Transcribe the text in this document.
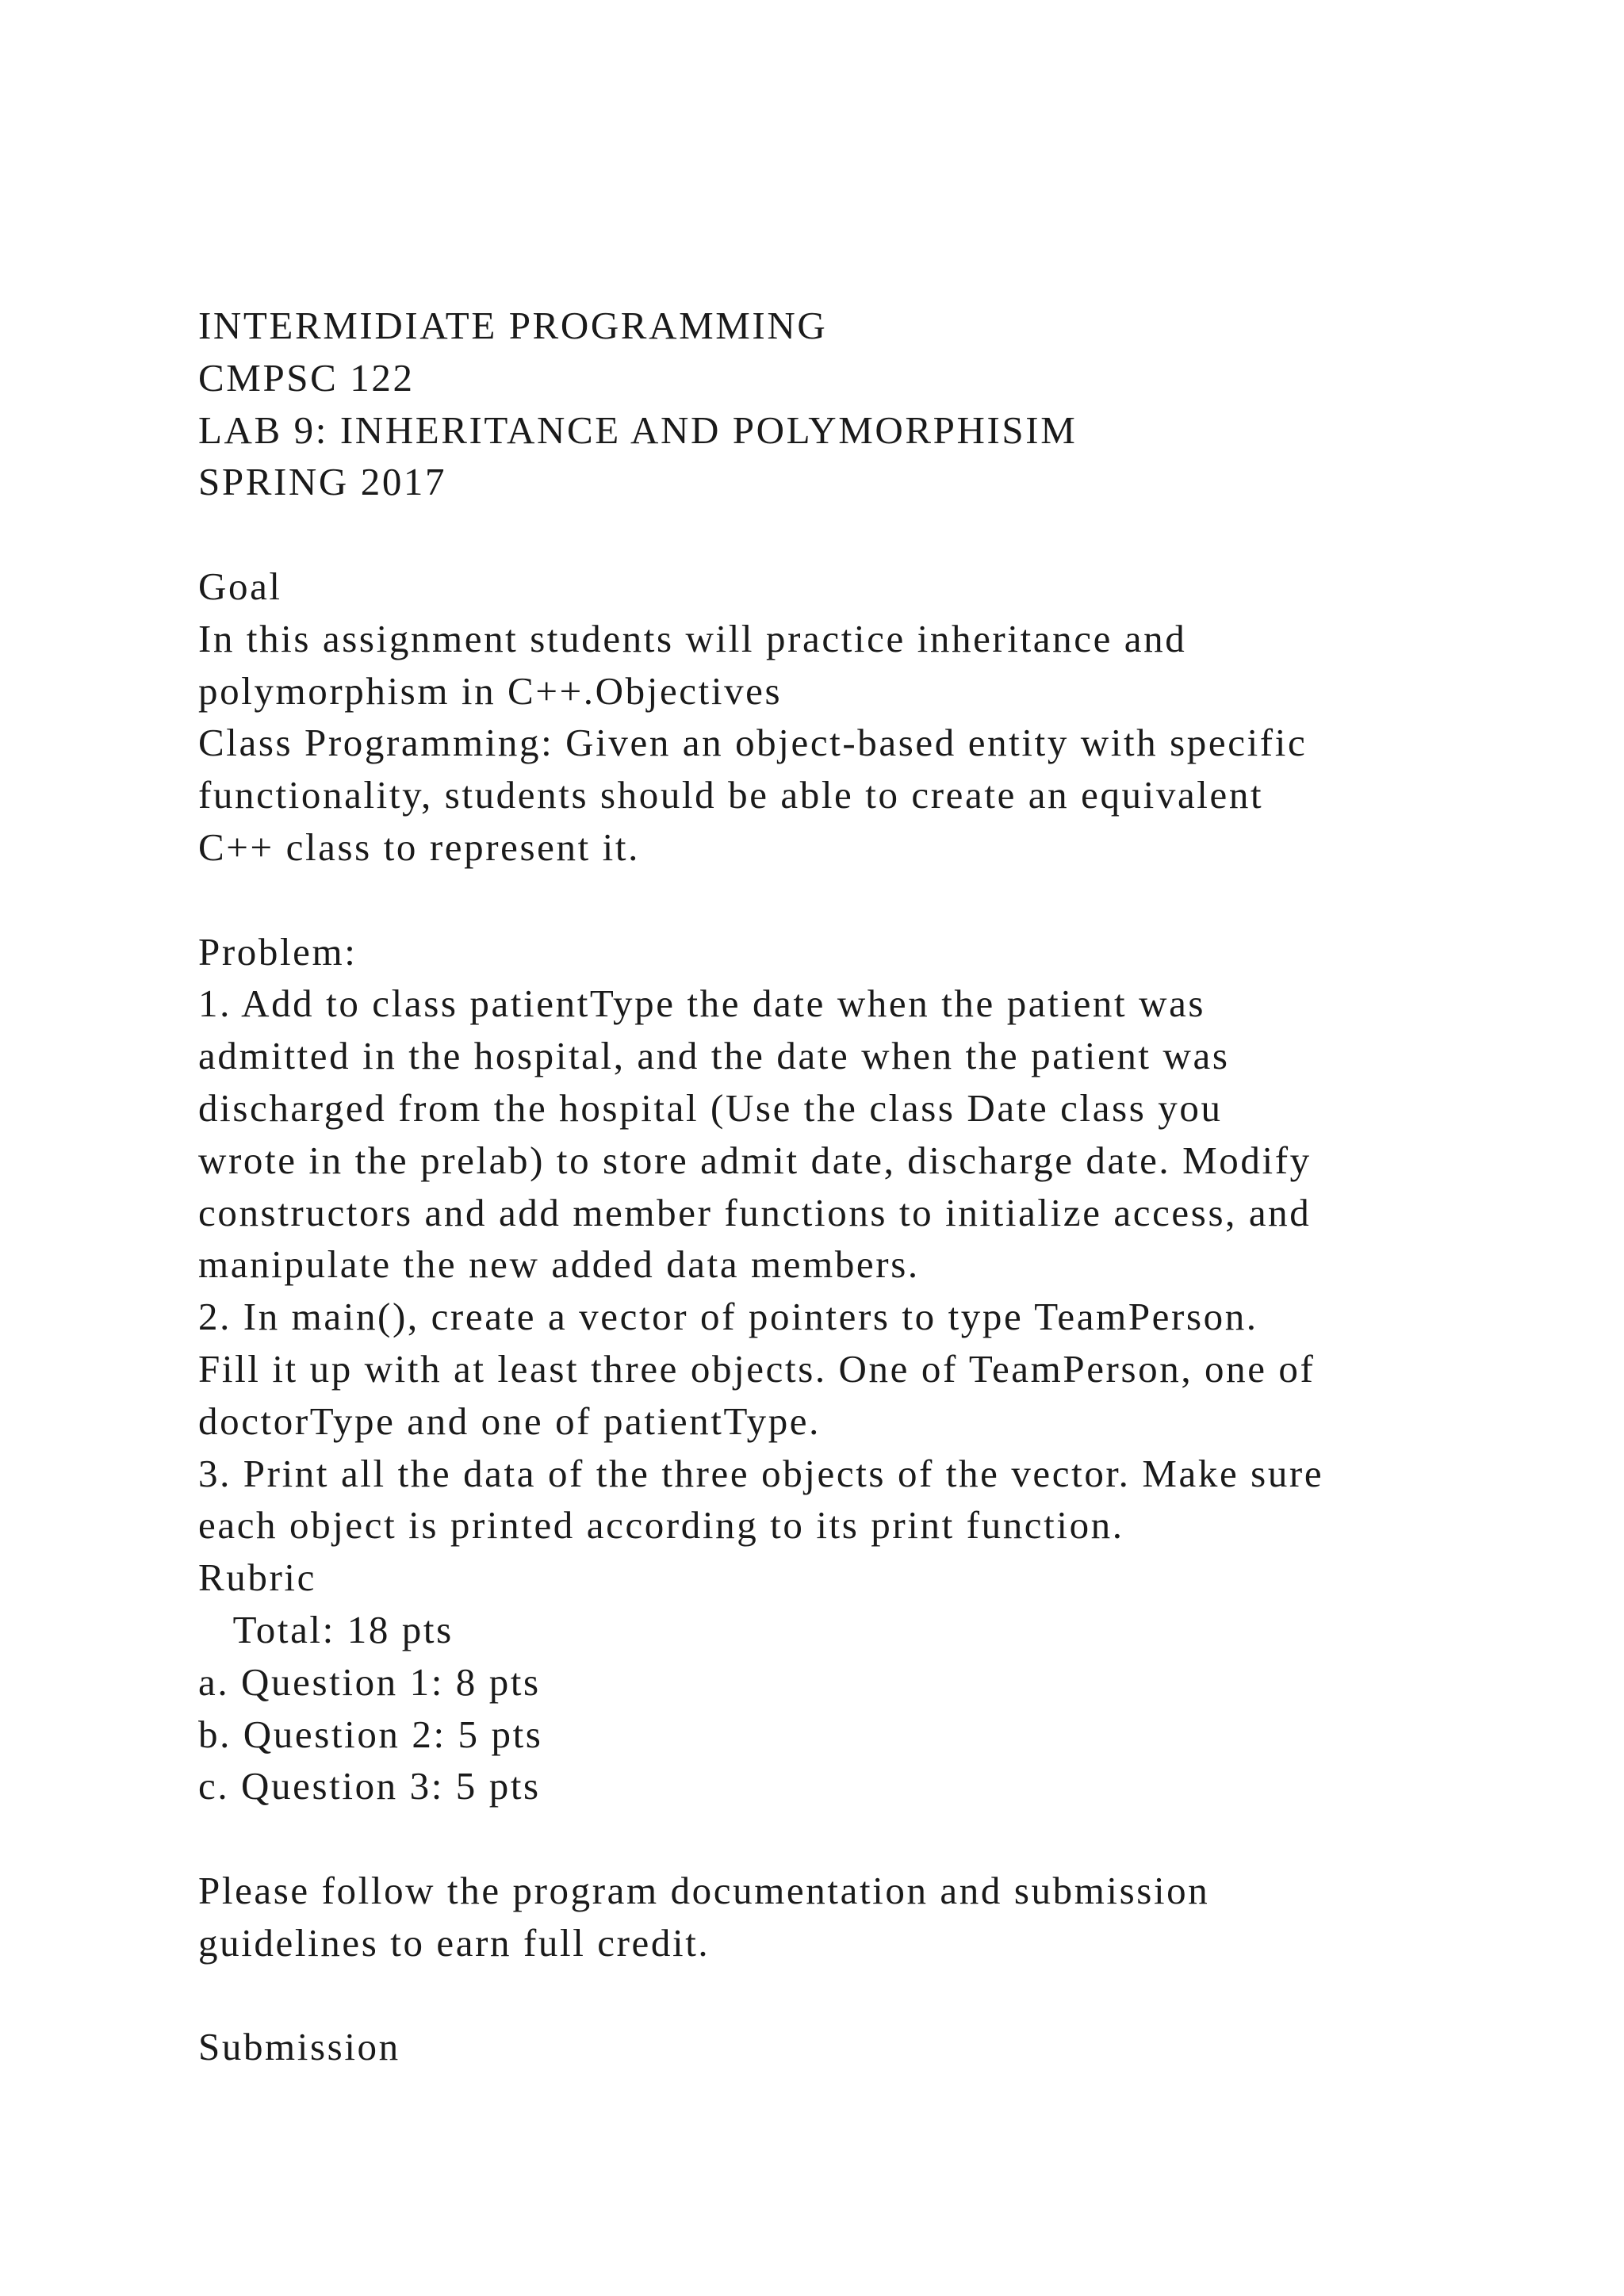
INTERMIDIATE PROGRAMMING
CMPSC 122
LAB 9: INHERITANCE AND POLYMORPHISIM
SPRING 2017
Goal
In this assignment students will practice inheritance and
polymorphism in C++.Objectives
Class Programming: Given an object-based entity with specific
functionality, students should be able to create an equivalent
C++ class to represent it.
Problem:
1. Add to class patientType the date when the patient was
admitted in the hospital, and the date when the patient was
discharged from the hospital (Use the class Date class you
wrote in the prelab) to store admit date, discharge date. Modify
constructors and add member functions to initialize access, and
manipulate the new added data members.
2. In main(), create a vector of pointers to type TeamPerson.
Fill it up with at least three objects. One of TeamPerson, one of
doctorType and one of patientType.
3. Print all the data of the three objects of the vector. Make sure
each object is printed according to its print function.
Rubric
Total: 18 pts
a. Question 1: 8 pts
b. Question 2: 5 pts
c. Question 3: 5 pts
Please follow the program documentation and submission
guidelines to earn full credit.
Submission
